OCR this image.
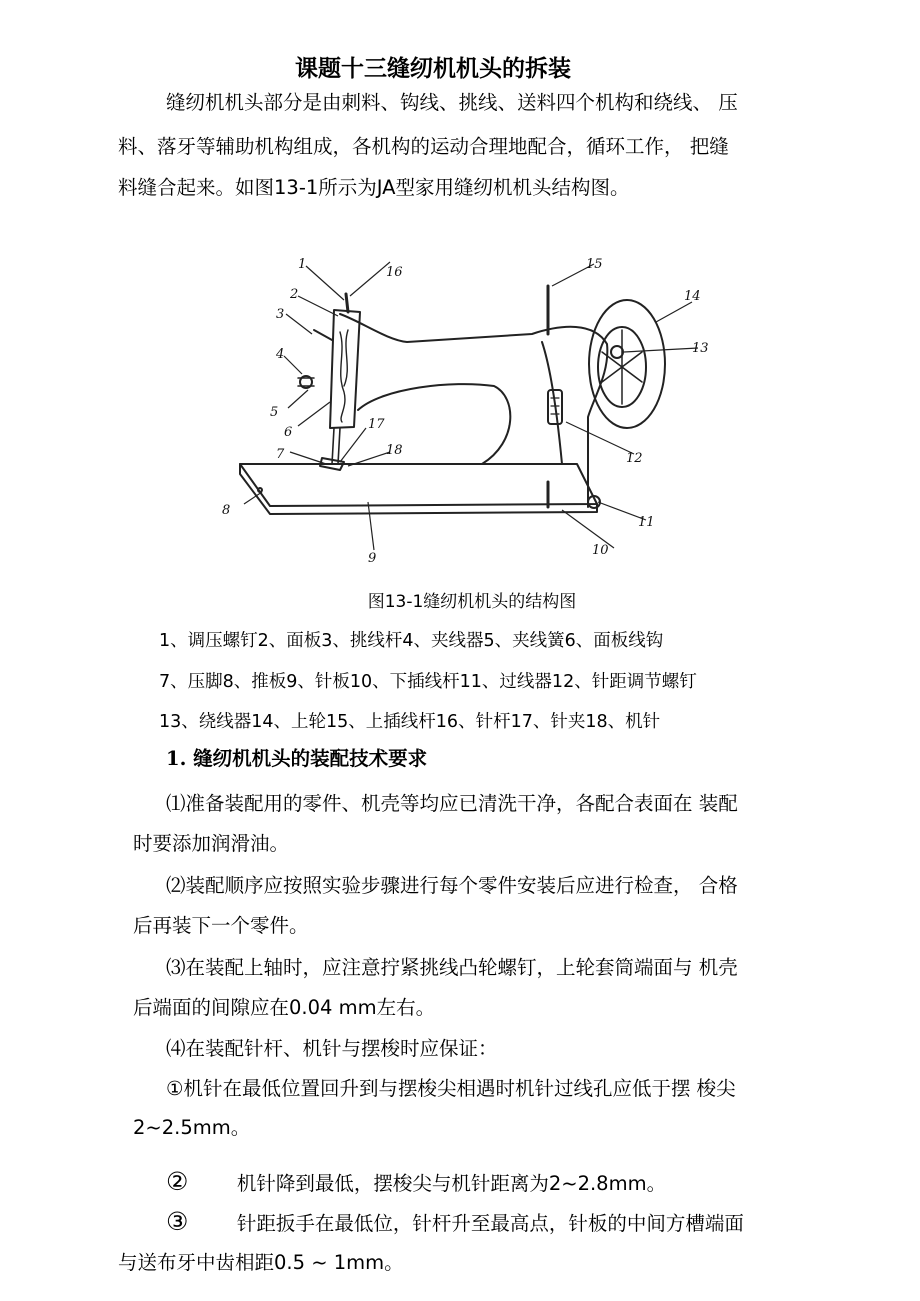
课题十三缝纫机机头的拆装
缝纫机机头部分是由刺料、钩线、挑线、送料四个机构和绕线、 压
料、落牙等辅助机构组成，各机构的运动合理地配合，循环工作， 把缝
料缝合起来。如图13-1所示为JA型家用缝纫机机头结构图。
1
2
3
4
5
6
7
8
9
10
11
12
13
14
15
16
17
18
图13-1缝纫机机头的结构图
1、调压螺钉2、面板3、挑线杆4、夹线器5、夹线簧6、面板线钩
7、压脚8、推板9、针板10、下插线杆11、过线器12、针距调节螺钉
13、绕线器14、上轮15、上插线杆16、针杆17、针夹18、机针
1. 缝纫机机头的装配技术要求
⑴准备装配用的零件、机壳等均应已清洗干净，各配合表面在 装配
时要添加润滑油。
⑵装配顺序应按照实验步骤进行每个零件安装后应进行检查， 合格
后再装下一个零件。
⑶在装配上轴时，应注意拧紧挑线凸轮螺钉，上轮套筒端面与 机壳
后端面的间隙应在0.04 mm左右。
⑷在装配针杆、机针与摆梭时应保证：
①机针在最低位置回升到与摆梭尖相遇时机针过线孔应低于摆 梭尖
2~2.5mm。
② 机针降到最低，摆梭尖与机针距离为2~2.8mm。
③ 针距扳手在最低位，针杆升至最高点，针板的中间方槽端面
与送布牙中齿相距0.5 ~ 1mm。
